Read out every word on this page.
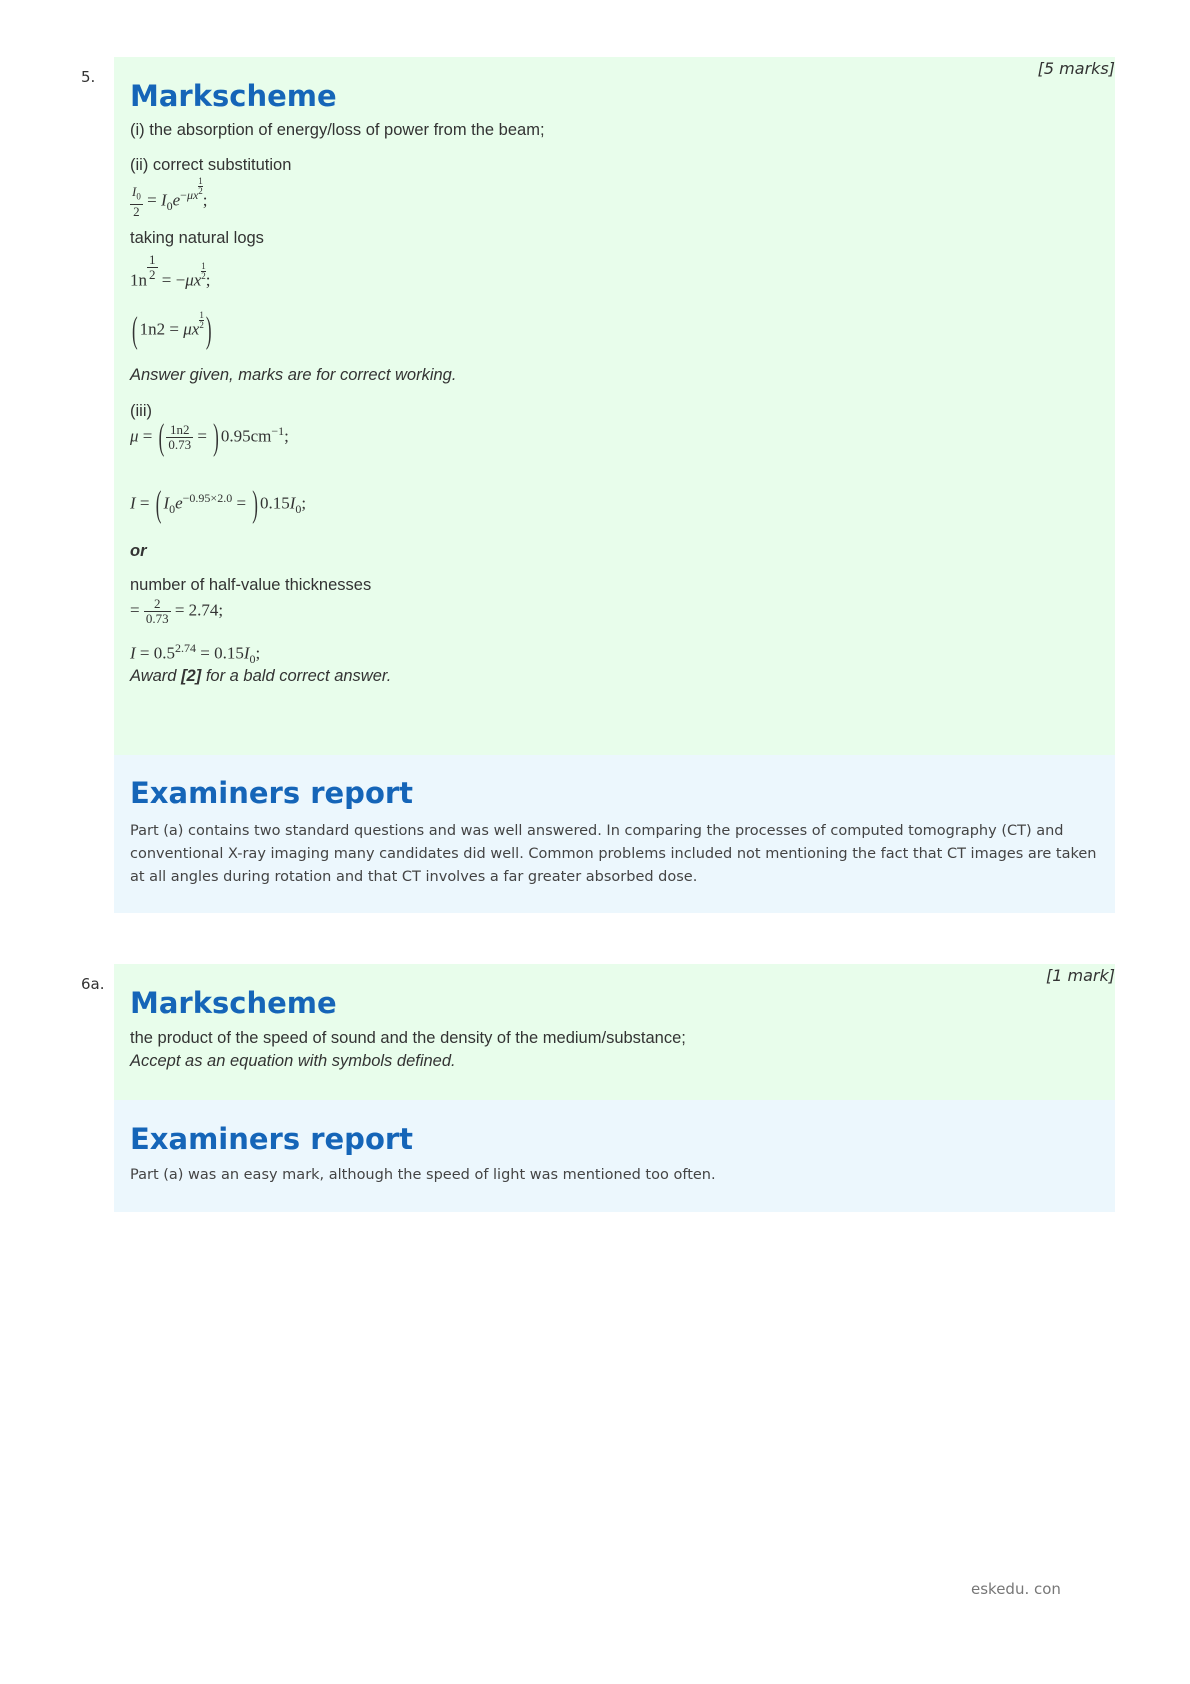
5.	[5 marks]
Markscheme
(i) the absorption of energy/loss of power from the beam;
(ii) correct substitution
$\frac{I_0}{2} = I_0e^{-\mu x \frac{1}{2}}$
;
taking natural logs
$1n \frac{1}{2} = -\mu x \frac{1}{2}$ ;
( 1n2 = μx $\frac{1}{2}$ )
Answer given, marks are for correct working.
(iii)
μ = ( $\frac{1n2}{0.73}$ = ) $0.95cm^{-1}$;
I = ( $I_0e^{-0.95\times 2.0}$ = ) $0.15I_0$;
or
number of half-value thicknesses
= $\frac{2}{0.73} = 2.74$;
$I = 0.5^{2.74} = 0.15I_0$;
Award [2] for a bald correct answer.
Examiners report
Part (a) contains two standard questions and was well answered. In comparing the processes of computed tomography (CT) and conventional X-ray imaging many candidates did well. Common problems included not mentioning the fact that CT images are taken at all angles during rotation and that CT involves a far greater absorbed dose.
6a.	[1 mark]
Markscheme
the product of the speed of sound and the density of the medium/substance;
Accept as an equation with symbols defined.
Examiners report
Part (a) was an easy mark, although the speed of light was mentioned too often.
eskedu. con
